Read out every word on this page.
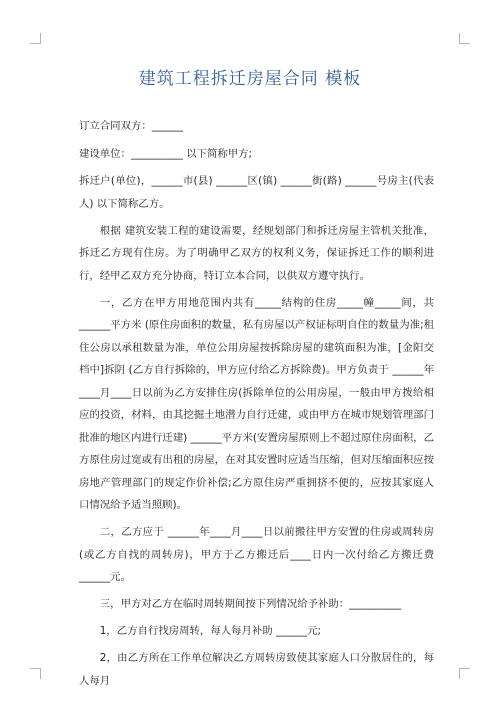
建筑工程拆迁房屋合同 模板

订立合同双方：______

建设单位：__________ 以下简称甲方;

拆迁户(单位)，______市(县) ______区(镇) ______街(路) ______号房主(代表人) 以下简称乙方。

根据 建筑安装工程的建设需要，经规划部门和拆迁房屋主管机关批准，拆迁乙方现有住房。为了明确甲乙双方的权利义务，保证拆迁工作的顺利进行，经甲乙双方充分协商，特订立本合同，以供双方遵守执行。

一，乙方在甲方用地范围内共有_____结构的住房_____幢_____间，共______平方米 (原住房面积的数量，私有房屋以产权证标明自住的数量为准;租住公房以承租数量为准，单位公用房屋按拆除房屋的建筑面积为准，[金阳交档中]拆阴 (乙方自行拆除的，甲方应付给乙方拆除费)。甲方负责于 ______年____月____日以前为乙方安排住房(拆除单位的公用房屋，一般由甲方拨给相应的投资，材料，由其挖掘土地潜力自行迁建，或由甲方在城市规划管理部门批准的地区内进行迁建) ______平方米(安置房屋原则上不超过原住房面积，乙方原住房过宽或有出租的房屋，在对其安置时应适当压缩，但对压缩面积应按房地产管理部门的规定作价补偿;乙方原住房严重拥挤不便的，应按其家庭人口情况给予适当照顾)。

二，乙方应于 ______年____月____日以前搬往甲方安置的住房或周转房(或乙方自找的周转房)，甲方于乙方搬迁后____日内一次付给乙方搬迁费 ______元。

三，甲方对乙方在临时周转期间按下列情况给予补助：__________

1，乙方自行找房周转，每人每月补助 ______元;

2，由乙方所在工作单位解决乙方周转房致使其家庭人口分散居住的，每人每月
